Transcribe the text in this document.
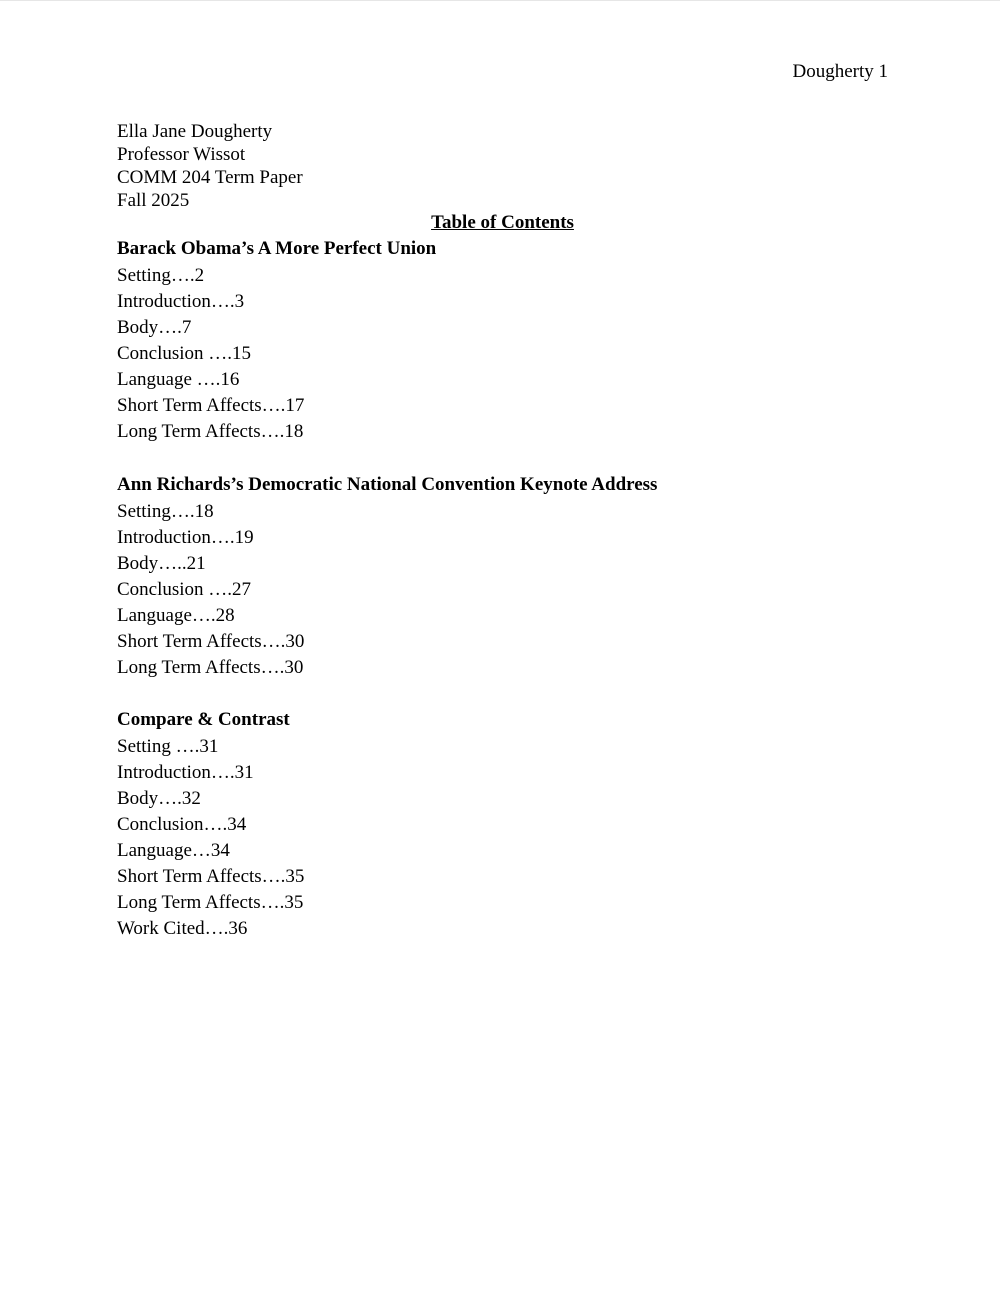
Dougherty 1
Ella Jane Dougherty
Professor Wissot
COMM 204 Term Paper
Fall 2025
Table of Contents
Barack Obama’s A More Perfect Union
Setting….2
Introduction….3
Body….7
Conclusion ….15
Language ….16
Short Term Affects….17
Long Term Affects….18
Ann Richards’s Democratic National Convention Keynote Address
Setting….18
Introduction….19
Body…..21
Conclusion ….27
Language….28
Short Term Affects….30
Long Term Affects….30
Compare & Contrast
Setting ….31
Introduction….31
Body….32
Conclusion….34
Language…34
Short Term Affects….35
Long Term Affects….35
Work Cited….36
